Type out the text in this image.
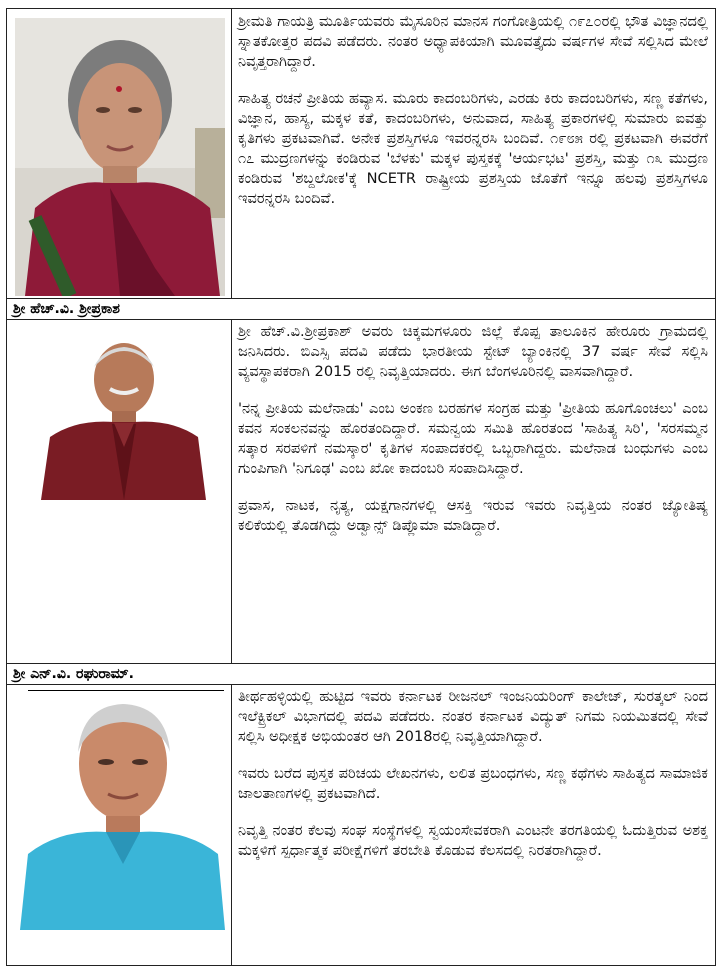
ಶ್ರೀಮತಿ ಗಾಯತ್ರಿ ಮೂರ್ತಿಯವರು ಮೈಸೂರಿನ ಮಾನಸ ಗಂಗೋತ್ರಿಯಲ್ಲಿ ೧೯೭೦ರಲ್ಲಿ ಭೌತ ವಿಜ್ಞಾನದಲ್ಲಿ ಸ್ನಾತಕೋತ್ತರ ಪದವಿ ಪಡೆದರು. ನಂತರ ಅಧ್ಯಾಪಕಿಯಾಗಿ ಮೂವತ್ತೈದು ವರ್ಷಗಳ ಸೇವೆ ಸಲ್ಲಿಸಿದ ಮೇಲೆ ನಿವೃತ್ತರಾಗಿದ್ದಾರೆ.

ಸಾಹಿತ್ಯ ರಚನೆ ಪ್ರೀತಿಯ ಹವ್ಯಾಸ. ಮೂರು ಕಾದಂಬರಿಗಳು, ಎರಡು ಕಿರು ಕಾದಂಬರಿಗಳು, ಸಣ್ಣ ಕತೆಗಳು, ವಿಜ್ಞಾನ, ಹಾಸ್ಯ, ಮಕ್ಕಳ ಕತೆ, ಕಾದಂಬರಿಗಳು, ಅನುವಾದ, ಸಾಹಿತ್ಯ ಪ್ರಕಾರಗಳಲ್ಲಿ ಸುಮಾರು ಐವತ್ತು ಕೃತಿಗಳು ಪ್ರಕಟವಾಗಿವೆ. ಅನೇಕ ಪ್ರಶಸ್ತಿಗಳೂ ಇವರನ್ನರಸಿ ಬಂದಿವೆ. ೧೯೮೫ ರಲ್ಲಿ ಪ್ರಕಟವಾಗಿ ಈವರೆಗೆ ೧೭ ಮುದ್ರಣಗಳನ್ನು ಕಂಡಿರುವ 'ಬೆಳಕು' ಮಕ್ಕಳ ಪುಸ್ತಕಕ್ಕೆ 'ಆರ್ಯಭಟ' ಪ್ರಶಸ್ತಿ, ಮತ್ತು ೧೩ ಮುದ್ರಣ ಕಂಡಿರುವ 'ಶಬ್ದಲೋಕ'ಕ್ಕೆ NCETR ರಾಷ್ಟ್ರೀಯ ಪ್ರಶಸ್ತಿಯ ಜೊತೆಗೆ ಇನ್ನೂ ಹಲವು ಪ್ರಶಸ್ತಿಗಳೂ ಇವರನ್ನರಸಿ ಬಂದಿವೆ.

ಶ್ರೀ ಹೆಚ್.ವಿ. ಶ್ರೀಪ್ರಕಾಶ

ಶ್ರೀ ಹೆಚ್.ವಿ.ಶ್ರೀಪ್ರಕಾಶ್ ಅವರು ಚಿಕ್ಕಮಗಳೂರು ಜಿಲ್ಲೆ ಕೊಪ್ಪ ತಾಲೂಕಿನ ಹೇರೂರು ಗ್ರಾಮದಲ್ಲಿ ಜನಿಸಿದರು. ಬಿಎಸ್ಸಿ ಪದವಿ ಪಡೆದು ಭಾರತೀಯ ಸ್ಟೇಟ್ ಬ್ಯಾಂಕಿನಲ್ಲಿ 37 ವರ್ಷ ಸೇವೆ ಸಲ್ಲಿಸಿ ವ್ಯವಸ್ಥಾಪಕರಾಗಿ 2015 ರಲ್ಲಿ ನಿವೃತ್ತಿಯಾದರು. ಈಗ ಬೆಂಗಳೂರಿನಲ್ಲಿ ವಾಸವಾಗಿದ್ದಾರೆ.

'ನನ್ನ ಪ್ರೀತಿಯ ಮಲೆನಾಡು' ಎಂಬ ಅಂಕಣ ಬರಹಗಳ ಸಂಗ್ರಹ ಮತ್ತು 'ಪ್ರೀತಿಯ ಹೂಗೊಂಚಲು' ಎಂಬ ಕವನ ಸಂಕಲನವನ್ನು ಹೊರತಂದಿದ್ದಾರೆ. ಸಮನ್ವಯ ಸಮಿತಿ ಹೊರತಂದ 'ಸಾಹಿತ್ಯ ಸಿರಿ', 'ಸರಸಮ್ಮನ ಸತ್ಕಾರ ಸರಪಳಿಗೆ ನಮಸ್ಕಾರ' ಕೃತಿಗಳ ಸಂಪಾದಕರಲ್ಲಿ ಒಬ್ಬರಾಗಿದ್ದರು. ಮಲೆನಾಡ ಬಂಧುಗಳು ಎಂಬ ಗುಂಪಿಗಾಗಿ 'ನಿಗೂಢ' ಎಂಬ ಖೋ ಕಾದಂಬರಿ ಸಂಪಾದಿಸಿದ್ದಾರೆ.

ಪ್ರವಾಸ, ನಾಟಕ, ನೃತ್ಯ, ಯಕ್ಷಗಾನಗಳಲ್ಲಿ ಆಸಕ್ತಿ ಇರುವ ಇವರು ನಿವೃತ್ತಿಯ ನಂತರ ಜ್ಯೋತಿಷ್ಯ ಕಲಿಕೆಯಲ್ಲಿ ತೊಡಗಿದ್ದು ಅಡ್ವಾನ್ಸ್ ಡಿಪ್ಲೊಮಾ ಮಾಡಿದ್ದಾರೆ.

ಶ್ರೀ ಎನ್.ವಿ. ರಘುರಾಮ್.

ತೀರ್ಥಹಳ್ಳಿಯಲ್ಲಿ ಹುಟ್ಟಿದ ಇವರು ಕರ್ನಾಟಕ ರೀಜನಲ್ ಇಂಜನಿಯರಿಂಗ್ ಕಾಲೇಜ್, ಸುರತ್ಕಲ್ ನಿಂದ ಇಲೆಕ್ಟ್ರಿಕಲ್ ವಿಭಾಗದಲ್ಲಿ ಪದವಿ ಪಡೆದರು. ನಂತರ ಕರ್ನಾಟಕ ವಿದ್ಯುತ್ ನಿಗಮ ನಿಯಮಿತದಲ್ಲಿ ಸೇವೆ ಸಲ್ಲಿಸಿ ಅಧೀಕ್ಷಕ ಅಭಿಯಂತರ ಆಗಿ 2018ರಲ್ಲಿ ನಿವೃತ್ತಿಯಾಗಿದ್ದಾರೆ.

ಇವರು ಬರೆದ ಪುಸ್ತಕ ಪರಿಚಯ ಲೇಖನಗಳು, ಲಲಿತ ಪ್ರಬಂಧಗಳು, ಸಣ್ಣ ಕಥೆಗಳು ಸಾಹಿತ್ಯದ ಸಾಮಾಜಿಕ ಜಾಲತಾಣಗಳಲ್ಲಿ ಪ್ರಕಟವಾಗಿದೆ.

ನಿವೃತ್ತಿ ನಂತರ ಕೆಲವು ಸಂಘ ಸಂಸ್ಥೆಗಳಲ್ಲಿ ಸ್ವಯಂಸೇವಕರಾಗಿ ಎಂಟನೇ ತರಗತಿಯಲ್ಲಿ ಓದುತ್ತಿರುವ ಅಶಕ್ತ ಮಕ್ಕಳಿಗೆ ಸ್ಪರ್ಧಾತ್ಮಕ ಪರೀಕ್ಷೆಗಳಿಗೆ ತರಬೇತಿ ಕೊಡುವ ಕೆಲಸದಲ್ಲಿ ನಿರತರಾಗಿದ್ದಾರೆ.
